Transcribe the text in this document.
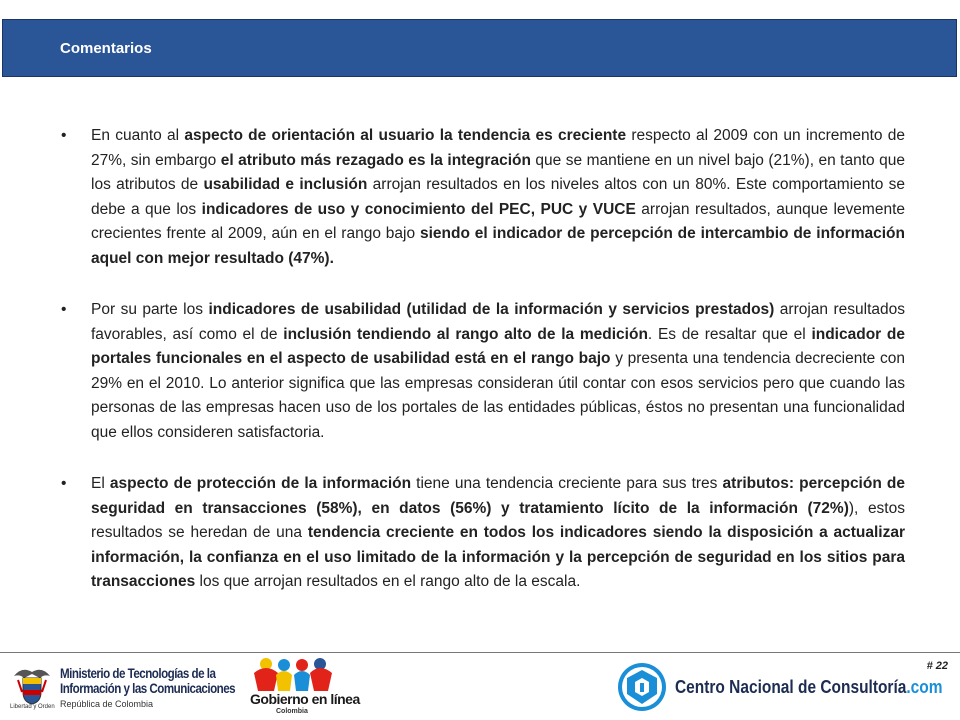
Comentarios
• En cuanto al aspecto de orientación al usuario la tendencia es creciente respecto al 2009 con un incremento de 27%, sin embargo el atributo más rezagado es la integración que se mantiene en un nivel bajo (21%), en tanto que los atributos de usabilidad e inclusión arrojan resultados en los niveles altos con un 80%. Este comportamiento se debe a que los indicadores de uso y conocimiento del PEC, PUC y VUCE arrojan resultados, aunque levemente crecientes frente al 2009, aún en el rango bajo siendo el indicador de percepción de intercambio de información aquel con mejor resultado (47%).
• Por su parte los indicadores de usabilidad (utilidad de la información y servicios prestados) arrojan resultados favorables, así como el de inclusión tendiendo al rango alto de la medición. Es de resaltar que el indicador de portales funcionales en el aspecto de usabilidad está en el rango bajo y presenta una tendencia decreciente con 29% en el 2010. Lo anterior significa que las empresas consideran útil contar con esos servicios pero que cuando las personas de las empresas hacen uso de los portales de las entidades públicas, éstos no presentan una funcionalidad que ellos consideren satisfactoria.
• El aspecto de protección de la información tiene una tendencia creciente para sus tres atributos: percepción de seguridad en transacciones (58%), en datos (56%) y tratamiento lícito de la información (72%)), estos resultados se heredan de una tendencia creciente en todos los indicadores siendo la disposición a actualizar información, la confianza en el uso limitado de la información y la percepción de seguridad en los sitios para transacciones los que arrojan resultados en el rango alto de la escala.
# 22
Libertad y Orden
Ministerio de Tecnologías de la
Información y las Comunicaciones
República de Colombia	Gobierno en línea
Colombia
Centro Nacional de Consultoría.com
